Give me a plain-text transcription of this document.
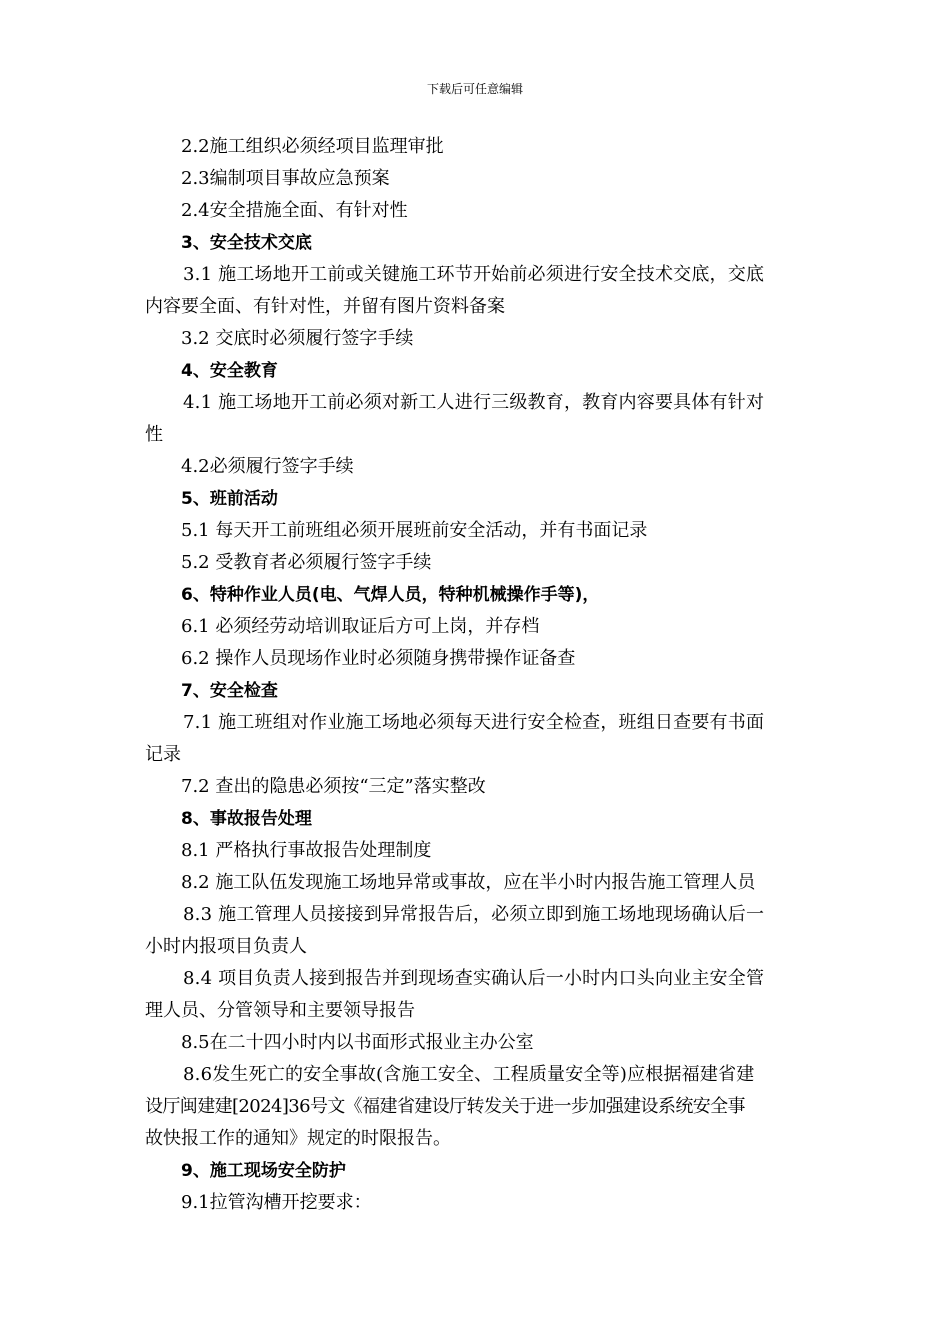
下载后可任意编辑
2.2施工组织必须经项目监理审批
2.3编制项目事故应急预案
2.4安全措施全面、有针对性
3、安全技术交底
3.1 施工场地开工前或关键施工环节开始前必须进行安全技术交底，交底
内容要全面、有针对性，并留有图片资料备案
3.2 交底时必须履行签字手续
4、安全教育
4.1 施工场地开工前必须对新工人进行三级教育，教育内容要具体有针对
性
4.2必须履行签字手续
5、班前活动
5.1 每天开工前班组必须开展班前安全活动，并有书面记录
5.2 受教育者必须履行签字手续
6、特种作业人员(电、气焊人员，特种机械操作手等)，
6.1 必须经劳动培训取证后方可上岗，并存档
6.2 操作人员现场作业时必须随身携带操作证备查
7、安全检查
7.1 施工班组对作业施工场地必须每天进行安全检查，班组日查要有书面
记录
7.2 查出的隐患必须按“三定”落实整改
8、事故报告处理
8.1 严格执行事故报告处理制度
8.2 施工队伍发现施工场地异常或事故，应在半小时内报告施工管理人员
8.3 施工管理人员接接到异常报告后，必须立即到施工场地现场确认后一
小时内报项目负责人
8.4 项目负责人接到报告并到现场查实确认后一小时内口头向业主安全管
理人员、分管领导和主要领导报告
8.5在二十四小时内以书面形式报业主办公室
8.6发生死亡的安全事故(含施工安全、工程质量安全等)应根据福建省建
设厅闽建建[2024]36号文《福建省建设厅转发关于进一步加强建设系统安全事
故快报工作的通知》规定的时限报告。
9、施工现场安全防护
9.1拉管沟槽开挖要求：
